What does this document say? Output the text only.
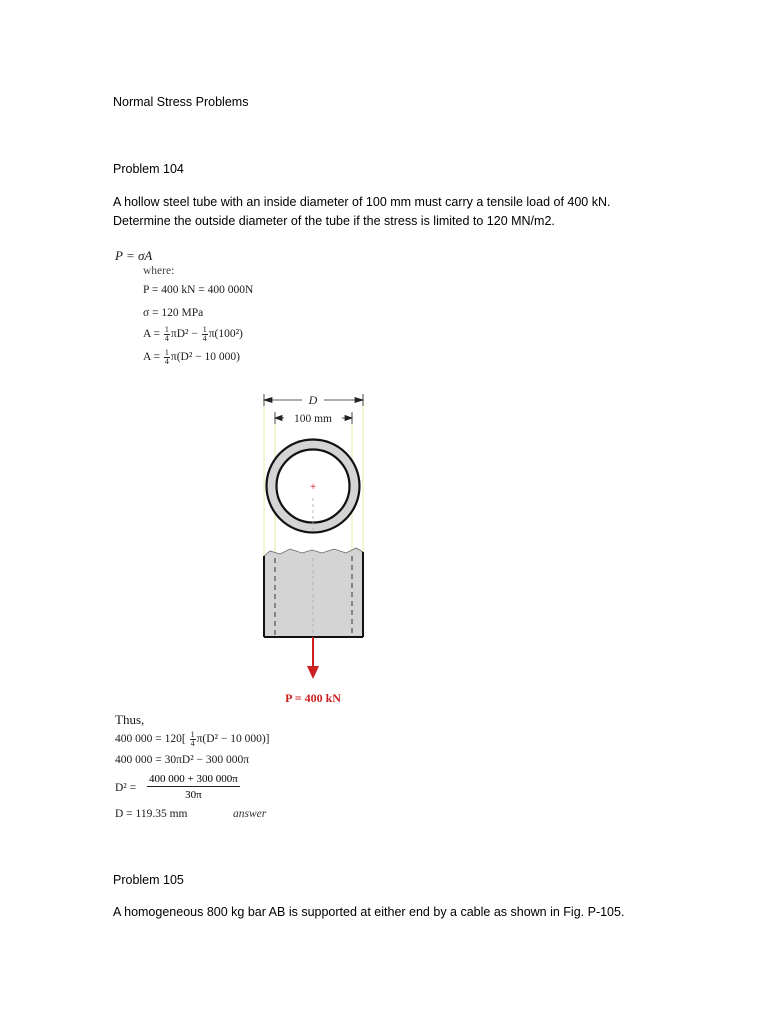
Normal Stress Problems

Problem 104

A hollow steel tube with an inside diameter of 100 mm must carry a tensile load of 400 kN.

Determine the outside diameter of the tube if the stress is limited to 120 MN/m2.

P = σA
where:
P = 400 kN = 400 000N
σ = 120 MPa
$A = \frac{1}{4} \pi D^2 - \frac{1}{4} \pi(100^2)$
$A = \frac{1}{4} \pi(D^2 - 10$ 000)
D
100 mm
+
P = 400 kN
Thus,
400 $000 = 120[ \frac{1}{4} \pi(D^2 - 10$ 000)]
400 000 = 30πD² − 300 000π
$D^2 = \frac{400 000 + 300 000\pi}{30\pi}$
D = 119.35 mm	answer

Problem 105

A homogeneous 800 kg bar AB is supported at either end by a cable as shown in Fig. P-105.
